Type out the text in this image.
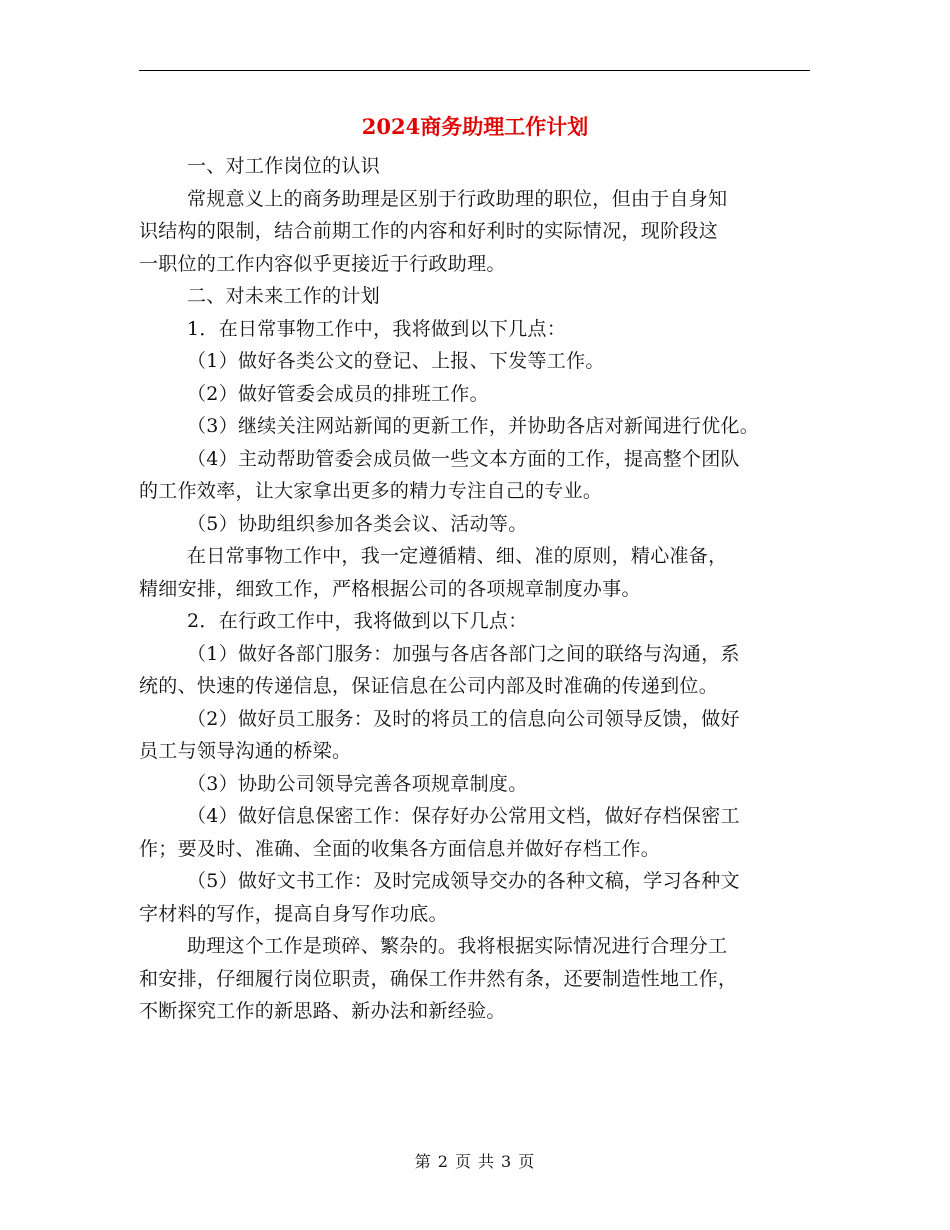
2024商务助理工作计划

一、对工作岗位的认识

常规意义上的商务助理是区别于行政助理的职位，但由于自身知
识结构的限制，结合前期工作的内容和好利时的实际情况，现阶段这
一职位的工作内容似乎更接近于行政助理。

二、对未来工作的计划

1．在日常事物工作中，我将做到以下几点：

（1）做好各类公文的登记、上报、下发等工作。

（2）做好管委会成员的排班工作。

（3）继续关注网站新闻的更新工作，并协助各店对新闻进行优化。

（4）主动帮助管委会成员做一些文本方面的工作，提高整个团队
的工作效率，让大家拿出更多的精力专注自己的专业。

（5）协助组织参加各类会议、活动等。

在日常事物工作中，我一定遵循精、细、准的原则，精心准备，
精细安排，细致工作，严格根据公司的各项规章制度办事。

2．在行政工作中，我将做到以下几点：

（1）做好各部门服务：加强与各店各部门之间的联络与沟通，系
统的、快速的传递信息，保证信息在公司内部及时准确的传递到位。

（2）做好员工服务：及时的将员工的信息向公司领导反馈，做好
员工与领导沟通的桥梁。

（3）协助公司领导完善各项规章制度。

（4）做好信息保密工作：保存好办公常用文档，做好存档保密工
作；要及时、准确、全面的收集各方面信息并做好存档工作。

（5）做好文书工作：及时完成领导交办的各种文稿，学习各种文
字材料的写作，提高自身写作功底。

助理这个工作是琐碎、繁杂的。我将根据实际情况进行合理分工
和安排，仔细履行岗位职责，确保工作井然有条，还要制造性地工作，
不断探究工作的新思路、新办法和新经验。

第 2 页 共 3 页
